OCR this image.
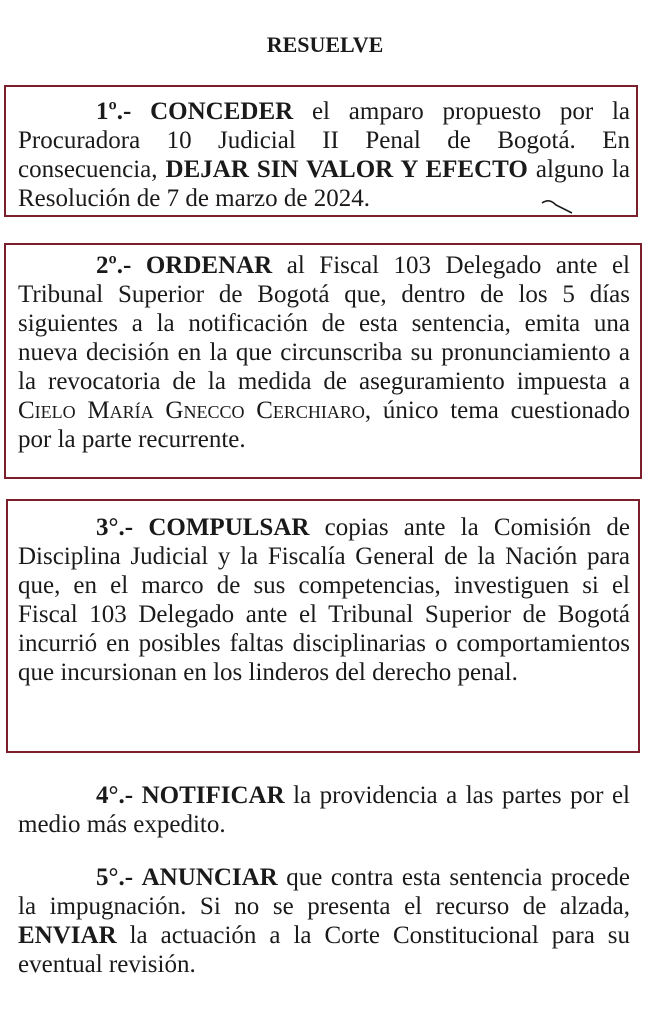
RESUELVE

1º.- CONCEDER el amparo propuesto por la Procuradora 10 Judicial II Penal de Bogotá. En consecuencia, DEJAR SIN VALOR Y EFECTO alguno la Resolución de 7 de marzo de 2024.

2º.- ORDENAR al Fiscal 103 Delegado ante el Tribunal Superior de Bogotá que, dentro de los 5 días siguientes a la notificación de esta sentencia, emita una nueva decisión en la que circunscriba su pronunciamiento a la revocatoria de la medida de aseguramiento impuesta a Cielo María Gnecco Cerchiaro, único tema cuestionado por la parte recurrente.

3°.- COMPULSAR copias ante la Comisión de Disciplina Judicial y la Fiscalía General de la Nación para que, en el marco de sus competencias, investiguen si el Fiscal 103 Delegado ante el Tribunal Superior de Bogotá incurrió en posibles faltas disciplinarias o comportamientos que incursionan en los linderos del derecho penal.

4°.- NOTIFICAR la providencia a las partes por el medio más expedito.

5°.- ANUNCIAR que contra esta sentencia procede la impugnación. Si no se presenta el recurso de alzada, ENVIAR la actuación a la Corte Constitucional para su eventual revisión.
